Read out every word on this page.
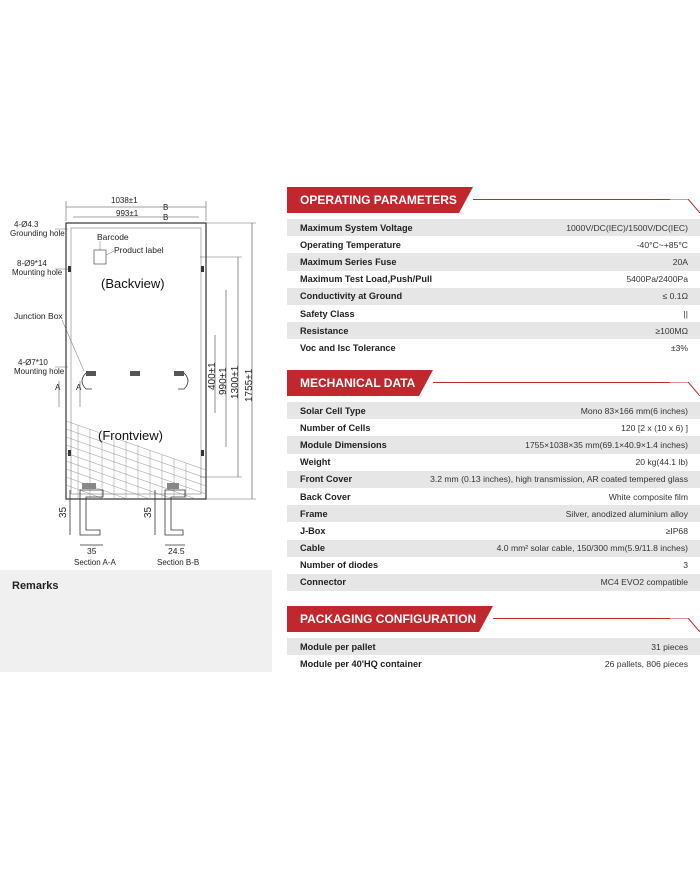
1038±1
993±1
B
B
4-Ø4.3
Grounding hole
8-Ø9*14
Mounting hole
Junction Box
4-Ø7*10
Mounting hole
A A
Barcode
Product label
(Backview)
(Frontview)
400±1 990±1 1300±1 1755±1
35
35
Section A-A
35
24.5
Section B-B
Remarks
OPERATING PARAMETERS
Maximum System Voltage	1000V/DC(IEC)/1500V/DC(IEC)
Operating Temperature	-40°C~+85°C
Maximum Series Fuse	20A
Maximum Test Load,Push/Pull	5400Pa/2400Pa
Conductivity at Ground	≤ 0.1Ω
Safety Class	||
Resistance	≥100MΩ
Voc and Isc Tolerance	±3%
MECHANICAL DATA
Solar Cell Type	Mono 83×166 mm(6 inches)
Number of Cells	120 [2 x (10 x 6) ]
Module Dimensions	1755×1038×35 mm(69.1×40.9×1.4 inches)
Weight	20 kg(44.1 lb)
Front Cover	3.2 mm (0.13 inches), high transmission, AR coated tempered glass
Back Cover	White composite film
Frame	Silver, anodized aluminium alloy
J-Box	≥IP68
Cable	4.0 mm² solar cable, 150/300 mm(5.9/11.8 inches)
Number of diodes	3
Connector	MC4 EVO2 compatible
PACKAGING CONFIGURATION
Module per pallet	31 pieces
Module per 40'HQ container	26 pallets, 806 pieces
